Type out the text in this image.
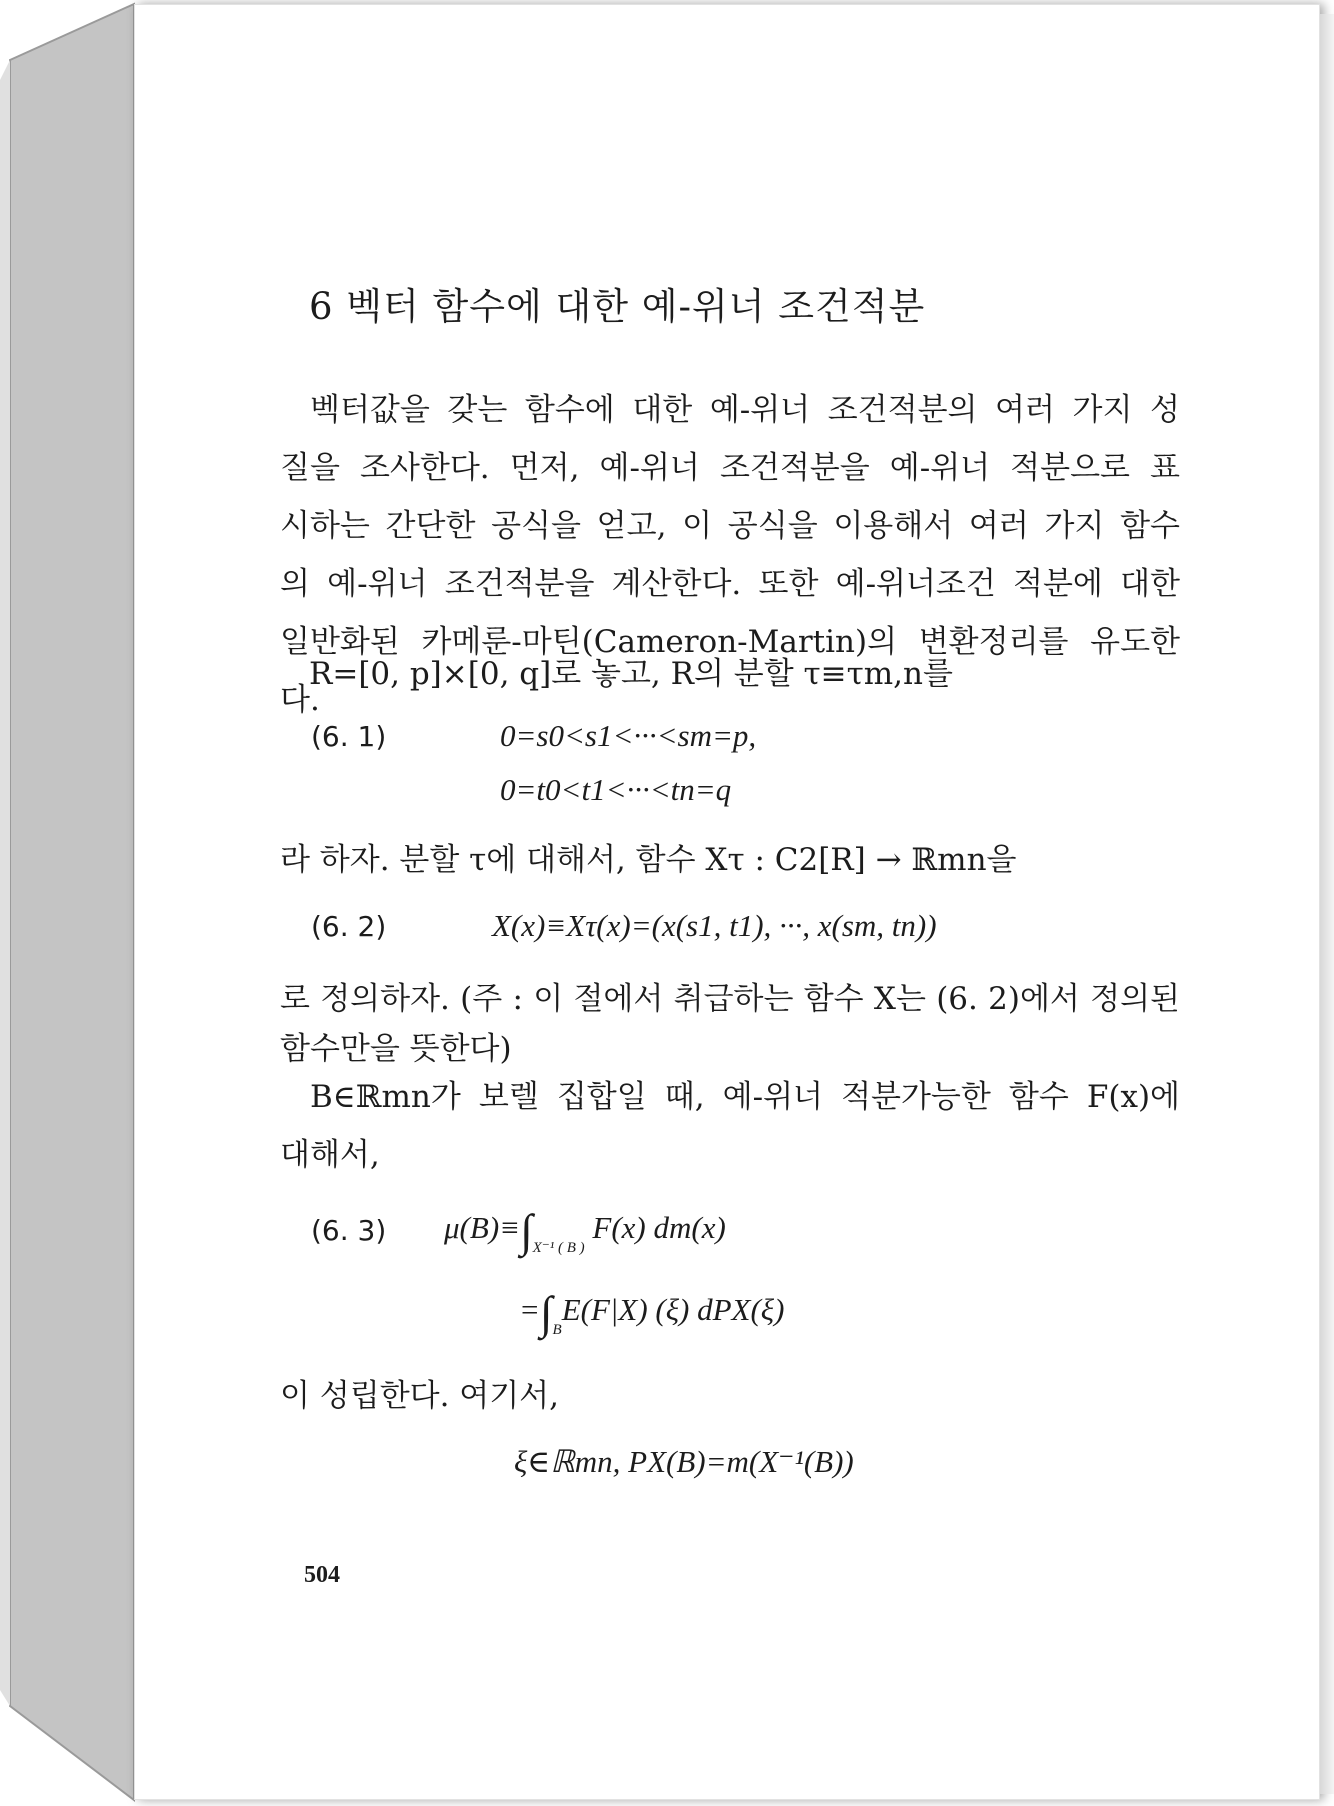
6 벡터 함수에 대한 예-위너 조건적분
벡터값을 갖는 함수에 대한 예-위너 조건적분의 여러 가지 성
질을 조사한다. 먼저, 예-위너 조건적분을 예-위너 적분으로 표
시하는 간단한 공식을 얻고, 이 공식을 이용해서 여러 가지 함수
의 예-위너 조건적분을 계산한다. 또한 예-위너조건 적분에 대한
일반화된 카메룬-마틴(Cameron-Martin)의 변환정리를 유도한다.
R=[0, p]×[0, q]로 놓고, R의 분할 τ≡τm,n를
(6. 1)	0=s0<s1<···<sm=p,
0=t0<t1<···<tn=q
라 하자. 분할 τ에 대해서, 함수 Xτ : C2[R] → ℝmn을
(6. 2)	X(x)≡Xτ(x)=(x(s1, t1), ···, x(sm, tn))
로 정의하자. (주 : 이 절에서 취급하는 함수 X는 (6. 2)에서 정의된
함수만을 뜻한다)
B∈ℝmn가 보렐 집합일 때, 예-위너 적분가능한 함수 F(x)에
대해서,
(6. 3) $\mu(B)\equiv\int_{X^{-1} ( B )}$ F(x) dm(x)
$=\int_BE(F|X)$ (ξ) dPX(ξ)
이 성립한다. 여기서,
ξ∈ℝmn, PX(B)=m(X⁻¹(B))
504
